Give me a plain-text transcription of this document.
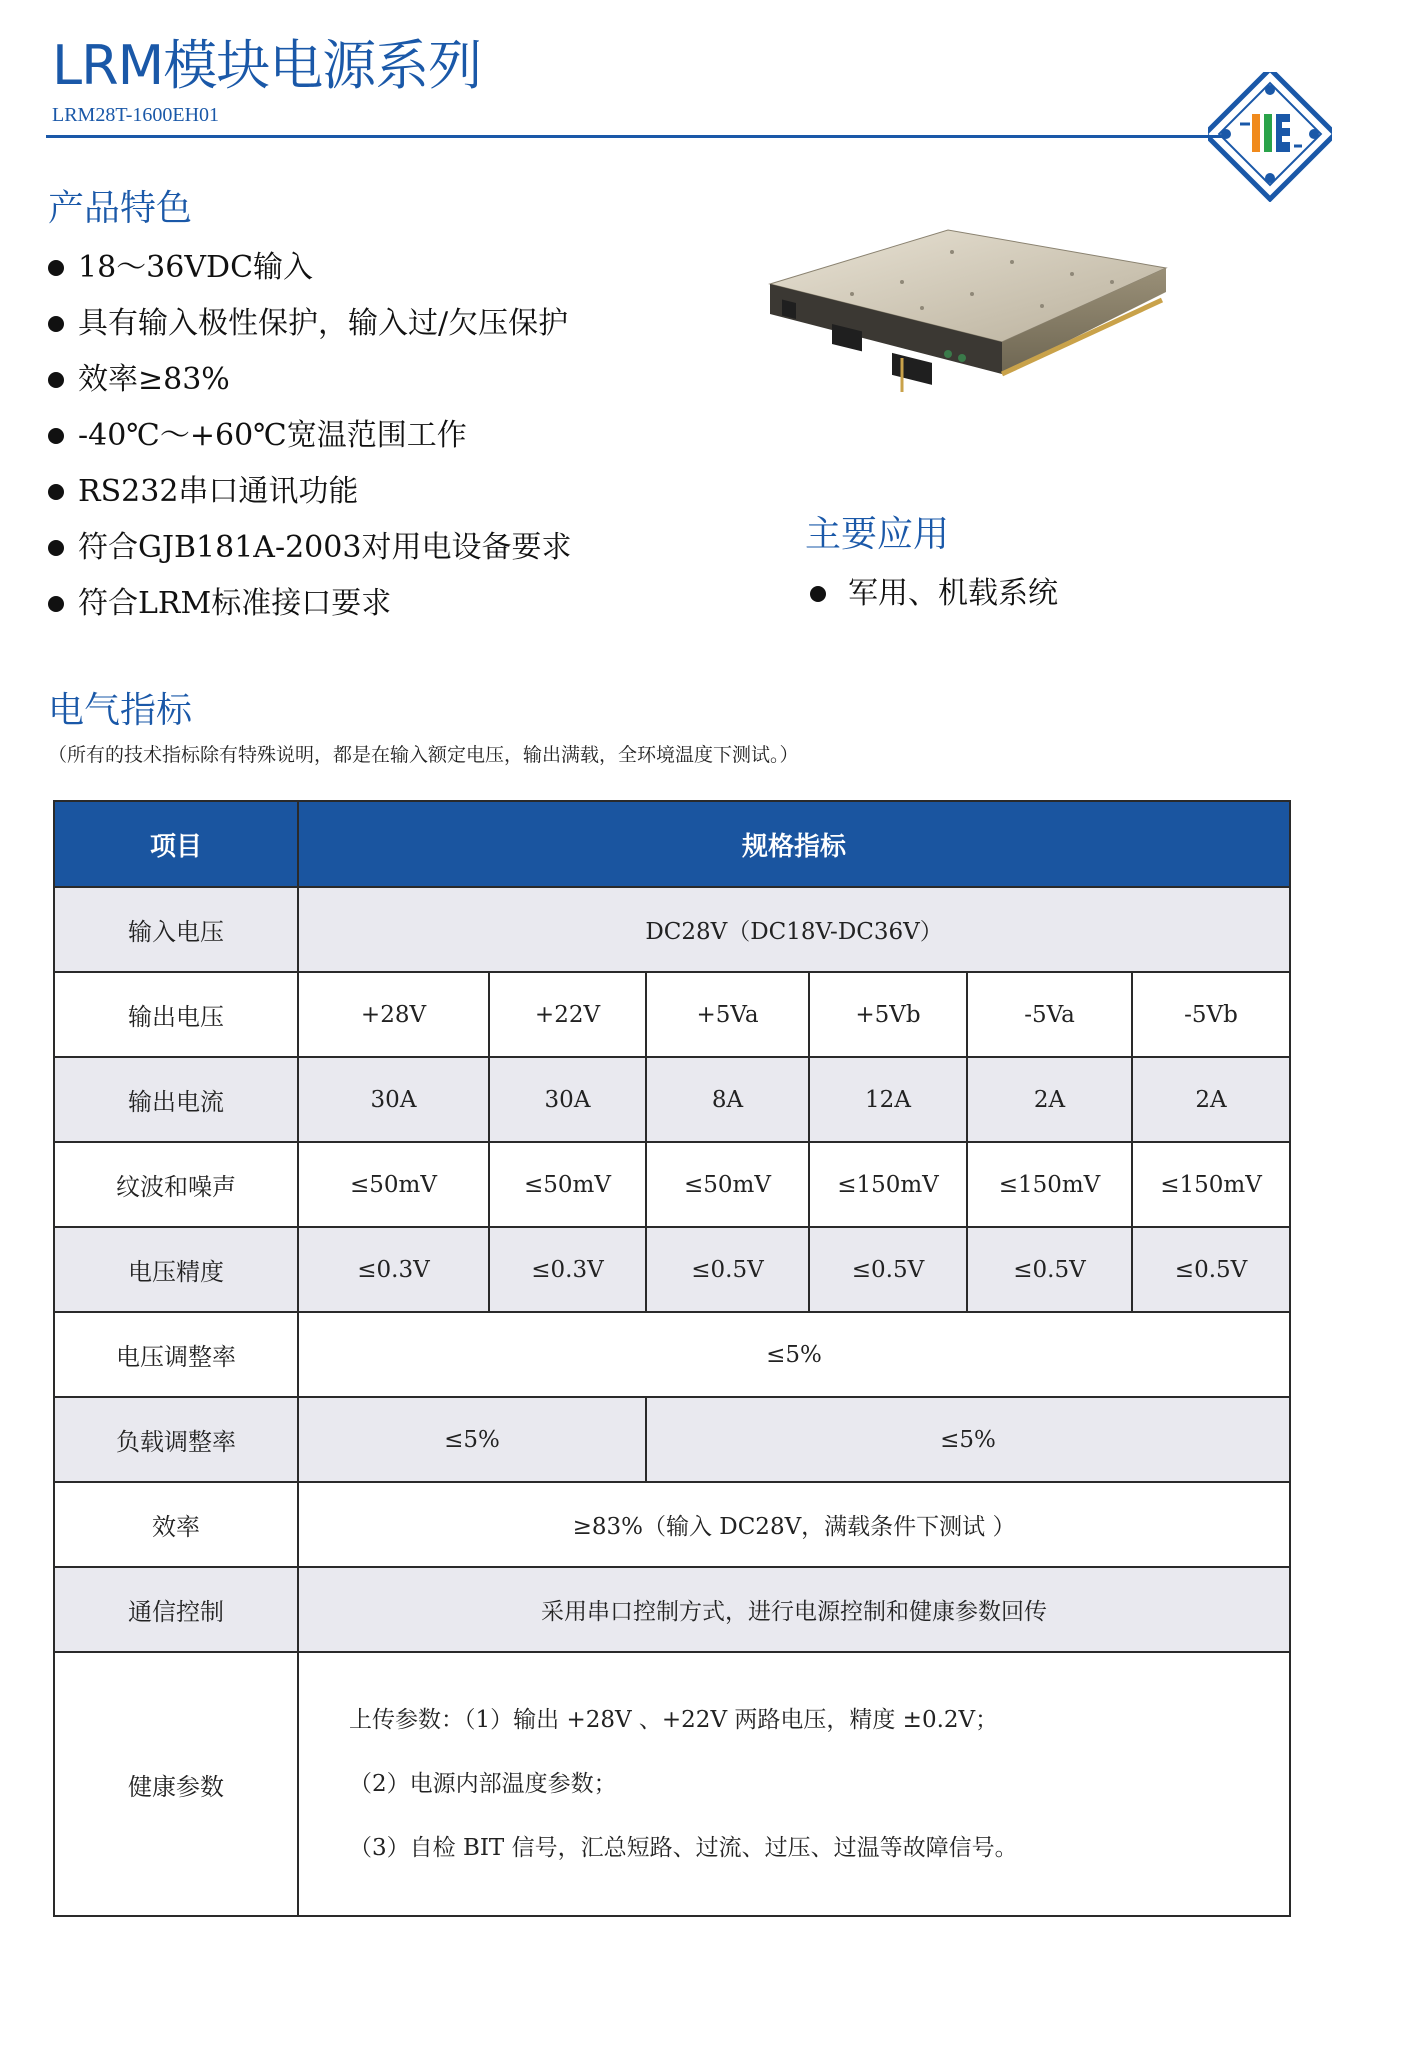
LRM模块电源系列
LRM28T-1600EH01
产品特色
18～36VDC输入
具有输入极性保护，输入过/欠压保护
效率≥83%
-40℃～+60℃宽温范围工作
RS232串口通讯功能
符合GJB181A-2003对用电设备要求
符合LRM标准接口要求
主要应用
军用、机载系统
电气指标
（所有的技术指标除有特殊说明，都是在输入额定电压，输出满载，全环境温度下测试。）
项目	规格指标					
输入电压	DC28V（DC18V-DC36V）					
输出电压	+28V	+22V	+5Va	+5Vb	-5Va	-5Vb
输出电流	30A	30A	8A	12A	2A	2A
纹波和噪声	≤50mV	≤50mV	≤50mV	≤150mV	≤150mV	≤150mV
电压精度	≤0.3V	≤0.3V	≤0.5V	≤0.5V	≤0.5V	≤0.5V
电压调整率	≤5%					
负载调整率	≤5%		≤5%			
效率	≥83%（输入 DC28V，满载条件下测试 ）					
通信控制	采用串口控制方式，进行电源控制和健康参数回传					
健康参数	上传参数：（1）输出 +28V 、+22V 两路电压，精度 ±0.2V；
（2）电源内部温度参数；
（3）自检 BIT 信号，汇总短路、过流、过压、过温等故障信号。					
